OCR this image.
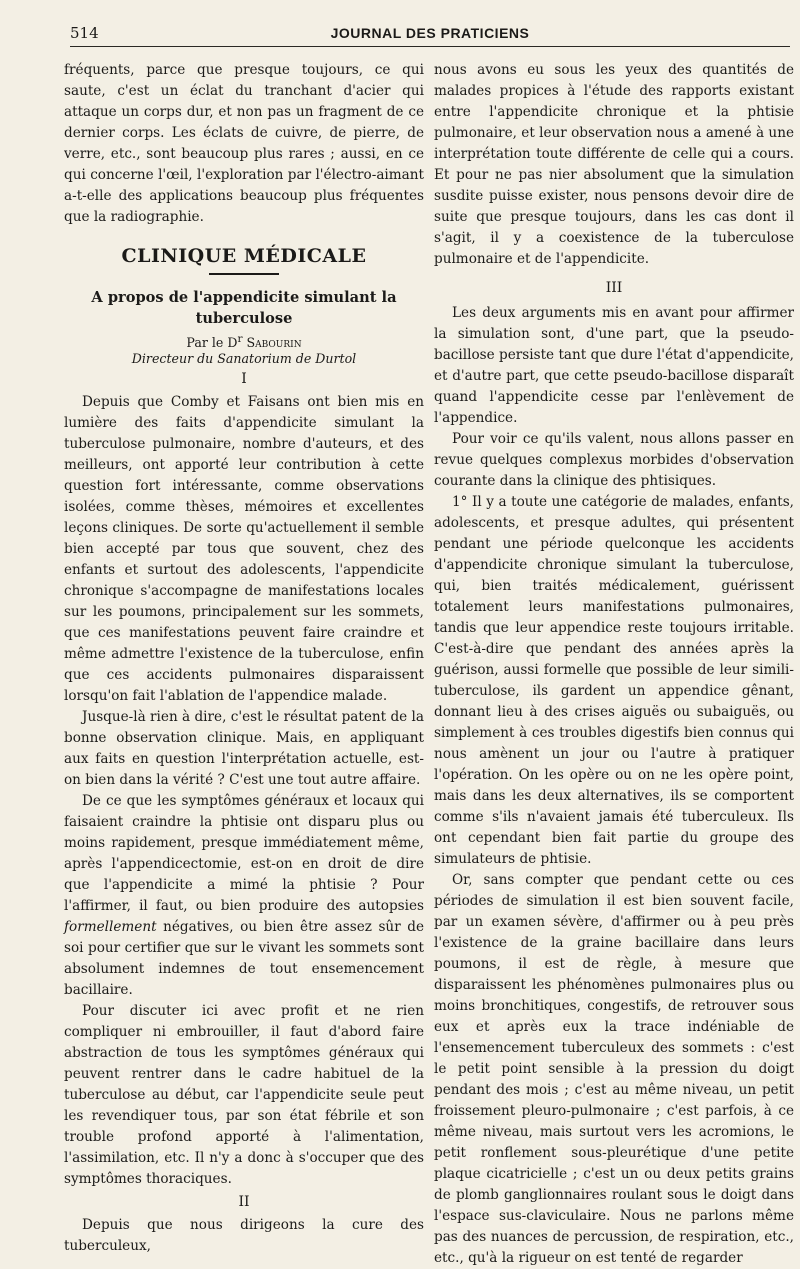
514	JOURNAL DES PRATICIENS

fréquents, parce que presque toujours, ce qui saute, c'est un éclat du tranchant d'acier qui attaque un corps dur, et non pas un fragment de ce dernier corps. Les éclats de cuivre, de pierre, de verre, etc., sont beaucoup plus rares ; aussi, en ce qui concerne l'œil, l'exploration par l'électro-aimant a-t-elle des applications beaucoup plus fréquentes que la radiographie.

CLINIQUE MÉDICALE
A propos de l'appendicite simulant la tuberculose
Par le $D^r$ Sabourin
Directeur du Sanatorium de Durtol
I

Depuis que Comby et Faisans ont bien mis en lumière des faits d'appendicite simulant la tuberculose pulmonaire, nombre d'auteurs, et des meilleurs, ont apporté leur contribution à cette question fort intéressante, comme observations isolées, comme thèses, mémoires et excellentes leçons cliniques. De sorte qu'actuellement il semble bien accepté par tous que souvent, chez des enfants et surtout des adolescents, l'appendicite chronique s'accompagne de manifestations locales sur les poumons, principalement sur les sommets, que ces manifestations peuvent faire craindre et même admettre l'existence de la tuberculose, enfin que ces accidents pulmonaires disparaissent lorsqu'on fait l'ablation de l'appendice malade.

Jusque-là rien à dire, c'est le résultat patent de la bonne observation clinique. Mais, en appliquant aux faits en question l'interprétation actuelle, est-on bien dans la vérité ? C'est une tout autre affaire.

De ce que les symptômes généraux et locaux qui faisaient craindre la phtisie ont disparu plus ou moins rapidement, presque immédiatement même, après l'appendicectomie, est-on en droit de dire que l'appendicite a mimé la phtisie ? Pour l'affirmer, il faut, ou bien produire des autopsies formellement négatives, ou bien être assez sûr de soi pour certifier que sur le vivant les sommets sont absolument indemnes de tout ensemencement bacillaire.

Pour discuter ici avec profit et ne rien compliquer ni embrouiller, il faut d'abord faire abstraction de tous les symptômes généraux qui peuvent rentrer dans le cadre habituel de la tuberculose au début, car l'appendicite seule peut les revendiquer tous, par son état fébrile et son trouble profond apporté à l'alimentation, l'assimilation, etc. Il n'y a donc à s'occuper que des symptômes thoraciques.

II

Depuis que nous dirigeons la cure des tuberculeux,

nous avons eu sous les yeux des quantités de malades propices à l'étude des rapports existant entre l'appendicite chronique et la phtisie pulmonaire, et leur observation nous a amené à une interprétation toute différente de celle qui a cours. Et pour ne pas nier absolument que la simulation susdite puisse exister, nous pensons devoir dire de suite que presque toujours, dans les cas dont il s'agit, il y a coexistence de la tuberculose pulmonaire et de l'appendicite.

III

Les deux arguments mis en avant pour affirmer la simulation sont, d'une part, que la pseudo-bacillose persiste tant que dure l'état d'appendicite, et d'autre part, que cette pseudo-bacillose disparaît quand l'appendicite cesse par l'enlèvement de l'appendice.

Pour voir ce qu'ils valent, nous allons passer en revue quelques complexus morbides d'observation courante dans la clinique des phtisiques.

1° Il y a toute une catégorie de malades, enfants, adolescents, et presque adultes, qui présentent pendant une période quelconque les accidents d'appendicite chronique simulant la tuberculose, qui, bien traités médicalement, guérissent totalement leurs manifestations pulmonaires, tandis que leur appendice reste toujours irritable. C'est-à-dire que pendant des années après la guérison, aussi formelle que possible de leur simili-tuberculose, ils gardent un appendice gênant, donnant lieu à des crises aiguës ou subaiguës, ou simplement à ces troubles digestifs bien connus qui nous amènent un jour ou l'autre à pratiquer l'opération. On les opère ou on ne les opère point, mais dans les deux alternatives, ils se comportent comme s'ils n'avaient jamais été tuberculeux. Ils ont cependant bien fait partie du groupe des simulateurs de phtisie.

Or, sans compter que pendant cette ou ces périodes de simulation il est bien souvent facile, par un examen sévère, d'affirmer ou à peu près l'existence de la graine bacillaire dans leurs poumons, il est de règle, à mesure que disparaissent les phénomènes pulmonaires plus ou moins bronchitiques, congestifs, de retrouver sous eux et après eux la trace indéniable de l'ensemencement tuberculeux des sommets : c'est le petit point sensible à la pression du doigt pendant des mois ; c'est au même niveau, un petit froissement pleuro-pulmonaire ; c'est parfois, à ce même niveau, mais surtout vers les acromions, le petit ronflement sous-pleurétique d'une petite plaque cicatricielle ; c'est un ou deux petits grains de plomb ganglionnaires roulant sous le doigt dans l'espace sus-claviculaire. Nous ne parlons même pas des nuances de percussion, de respiration, etc., etc., qu'à la rigueur on est tenté de regarder
